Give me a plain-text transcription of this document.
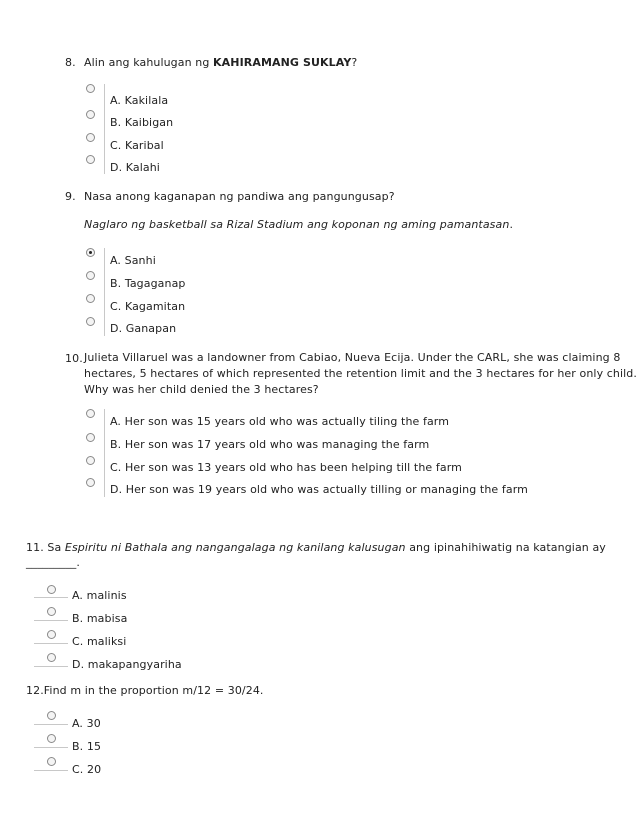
8. Alin ang kahulugan ng KAHIRAMANG SUKLAY?
A. Kakilala
B. Kaibigan
C. Karibal
D. Kalahi
9. Nasa anong kaganapan ng pandiwa ang pangungusap?
Naglaro ng basketball sa Rizal Stadium ang koponan ng aming pamantasan.
A. Sanhi
B. Tagaganap
C. Kagamitan
D. Ganapan
10. Julieta Villaruel was a landowner from Cabiao, Nueva Ecija. Under the CARL, she was claiming 8
hectares, 5 hectares of which represented the retention limit and the 3 hectares for her only child.
Why was her child denied the 3 hectares?
A. Her son was 15 years old who was actually tiling the farm
B. Her son was 17 years old who was managing the farm
C. Her son was 13 years old who has been helping till the farm
D. Her son was 19 years old who was actually tilling or managing the farm
11. Sa Espiritu ni Bathala ang nangangalaga ng kanilang kalusugan ang ipinahihiwatig na katangian ay
_________.
A. malinis
B. mabisa
C. maliksi
D. makapangyariha
12.Find m in the proportion m/12 = 30/24.
A. 30
B. 15
C. 20
